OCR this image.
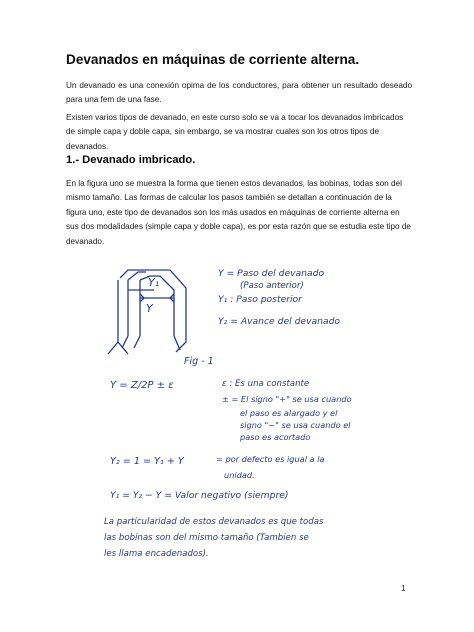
Devanados en máquinas de corriente alterna.

Un devanado es una conexión opima de los conductores, para obtener un resultado deseado para una fem de una fase.

Existen varios tipos de devanado, en este curso solo se va a tocar los devanados imbricados de simple capa y doble capa, sin embargo, se va mostrar cuales son los otros tipos de devanados.

1.- Devanado imbricado.

En la figura uno se muestra la forma que tienen estos devanados, las bobinas, todas son del mismo tamaño. Las formas de calcular los pasos también se detallan a continuación de la figura uno, este tipo de devanados son los más usados en máquinas de corriente alterna en sus dos modalidades (simple capa y doble capa), es por esta razón que se estudia este tipo de devanado.

Y₁
Y
Y = Paso del devanado
(Paso anterior)
Y₁ : Paso posterior
Y₂ = Avance del devanado
Fig - 1
Y = Z/2P ± ε	ε : Es una constante
± = El signo "+" se usa cuando
el paso es alargado y el
signo "−" se usa cuando el
paso es acortado
Y₂ = 1 = Y₁ + Y	= por defecto es igual a la
unidad.
Y₁ = Y₂ − Y = Valor negativo (siempre)
La particularidad de estos devanados es que todas
las bobinas son del mismo tamaño (Tambien se
les llama encadenados).
1
